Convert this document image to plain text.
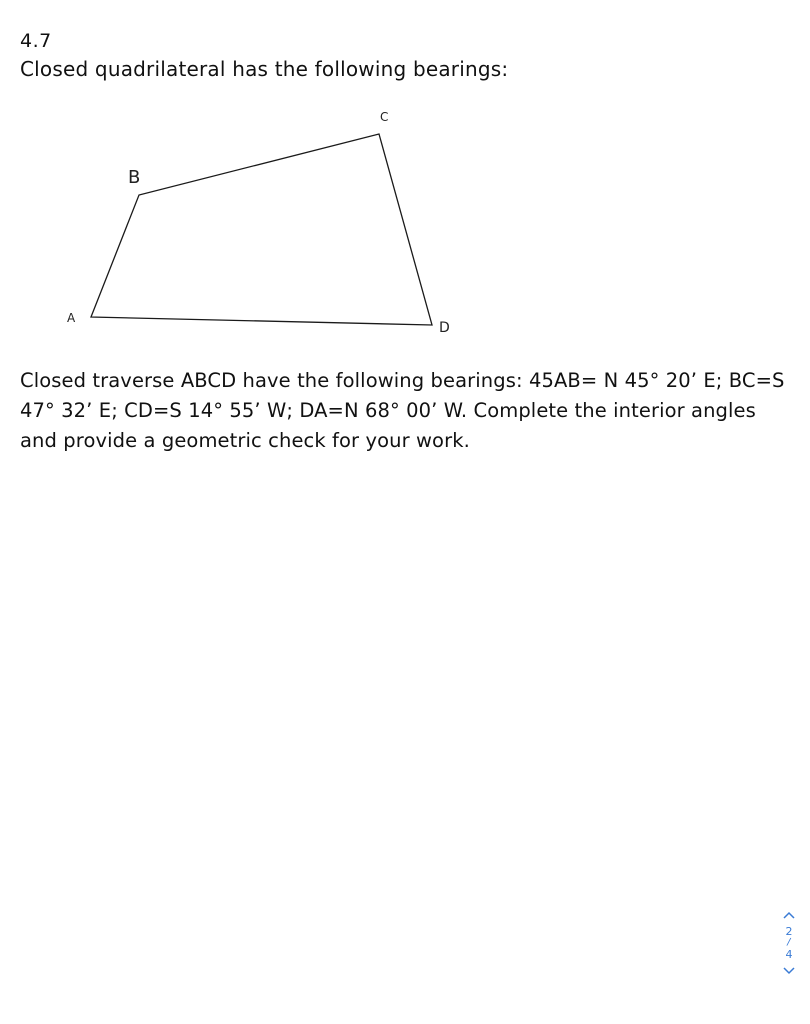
4.7
Closed quadrilateral has the following bearings:
A
B
C
D
Closed traverse ABCD have the following bearings: 45AB= N 45° 20’ E; BC=S 47° 32’ E; CD=S 14° 55’ W; DA=N 68° 00’ W. Complete the interior angles and provide a geometric check for your work.
2
/
4
